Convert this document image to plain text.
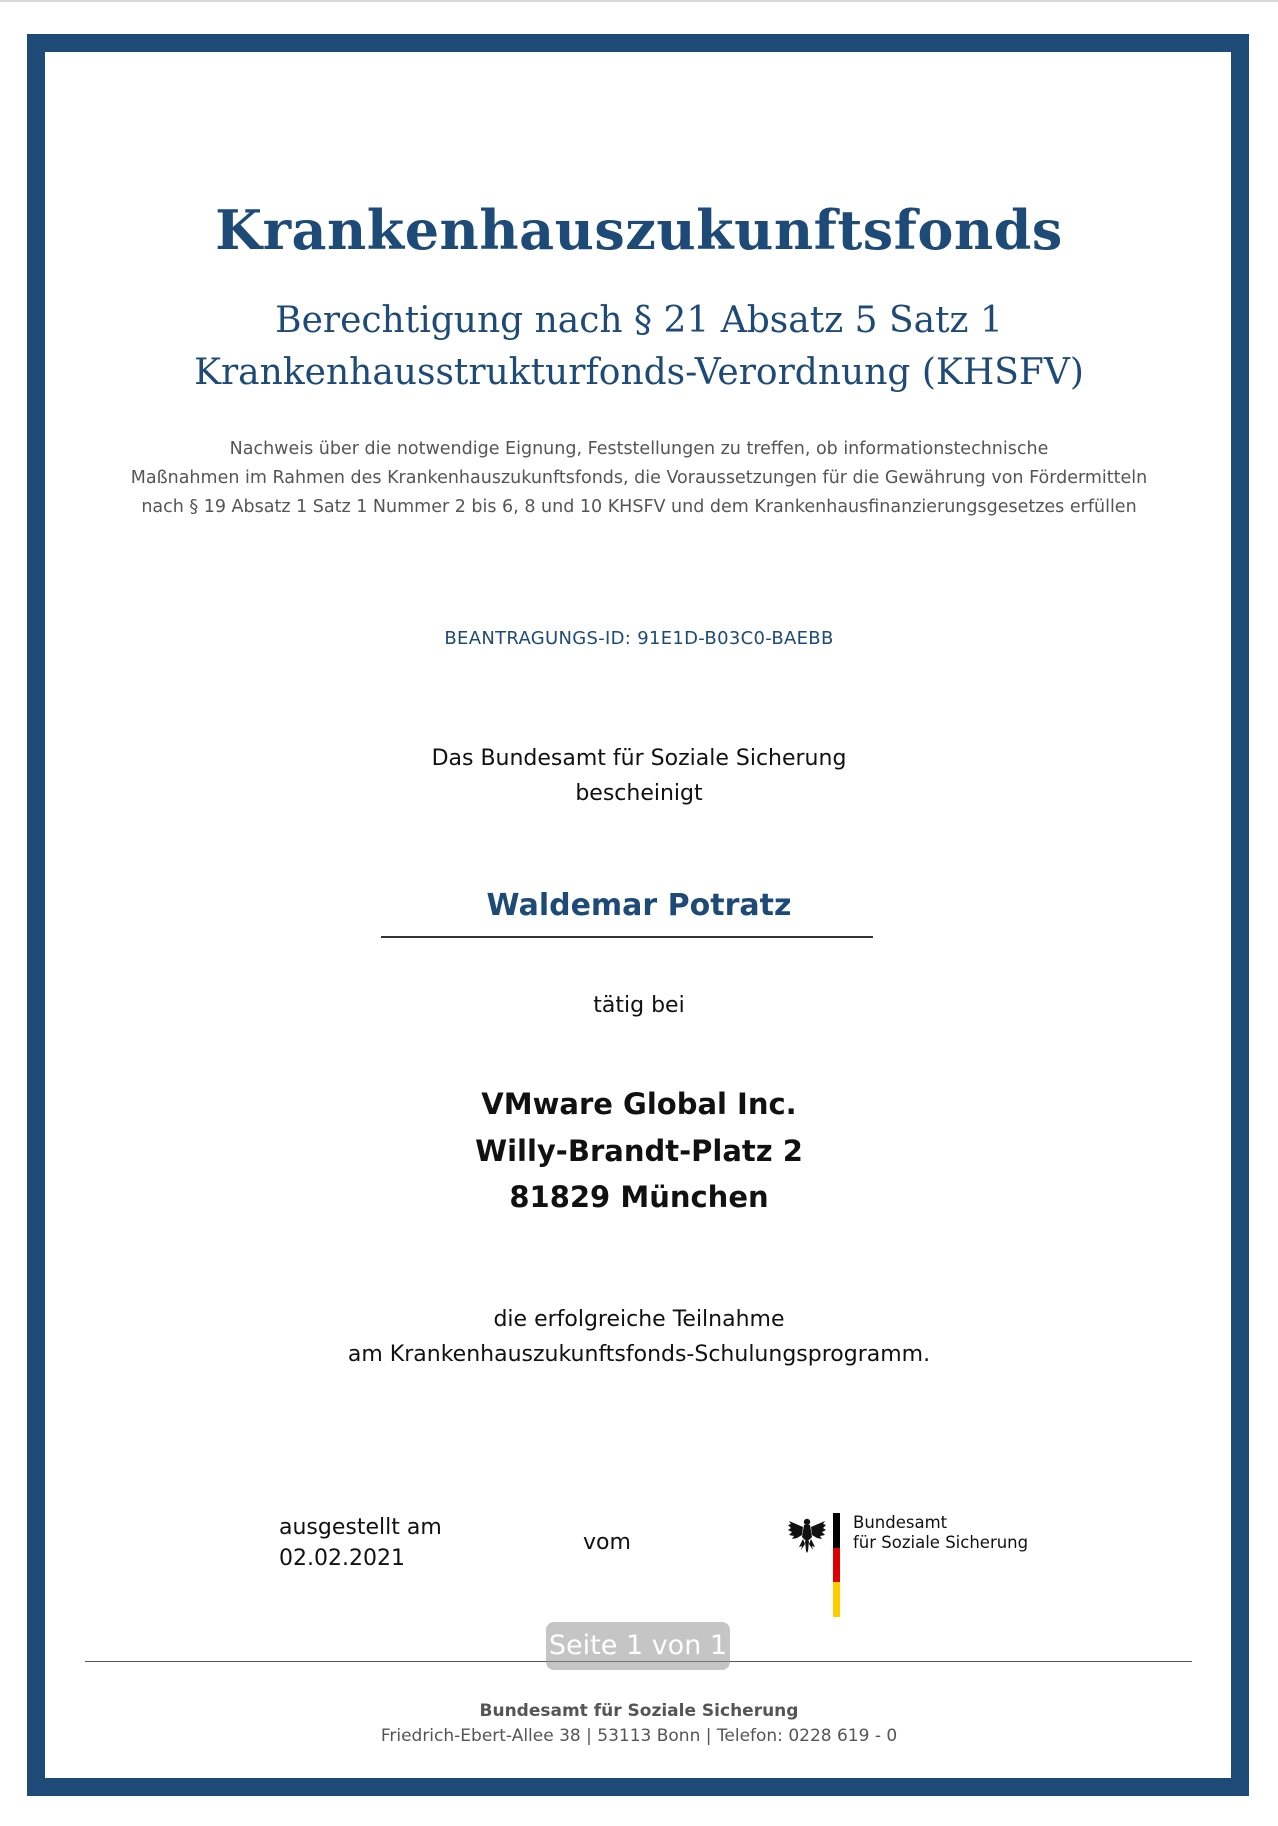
Krankenhauszukunftsfonds
Berechtigung nach § 21 Absatz 5 Satz 1
Krankenhausstrukturfonds-Verordnung (KHSFV)
Nachweis über die notwendige Eignung, Feststellungen zu treffen, ob informationstechnische
Maßnahmen im Rahmen des Krankenhauszukunftsfonds, die Voraussetzungen für die Gewährung von Fördermitteln
nach § 19 Absatz 1 Satz 1 Nummer 2 bis 6, 8 und 10 KHSFV und dem Krankenhausfinanzierungsgesetzes erfüllen
BEANTRAGUNGS-ID: 91E1D-B03C0-BAEBB
Das Bundesamt für Soziale Sicherung
bescheinigt
Waldemar Potratz
tätig bei
VMware Global Inc.
Willy-Brandt-Platz 2
81829 München
die erfolgreiche Teilnahme
am Krankenhauszukunftsfonds-Schulungsprogramm.
ausgestellt am
02.02.2021
vom
Bundesamt
für Soziale Sicherung
Seite 1 von 1
Bundesamt für Soziale Sicherung
Friedrich-Ebert-Allee 38 | 53113 Bonn | Telefon: 0228 619 - 0
